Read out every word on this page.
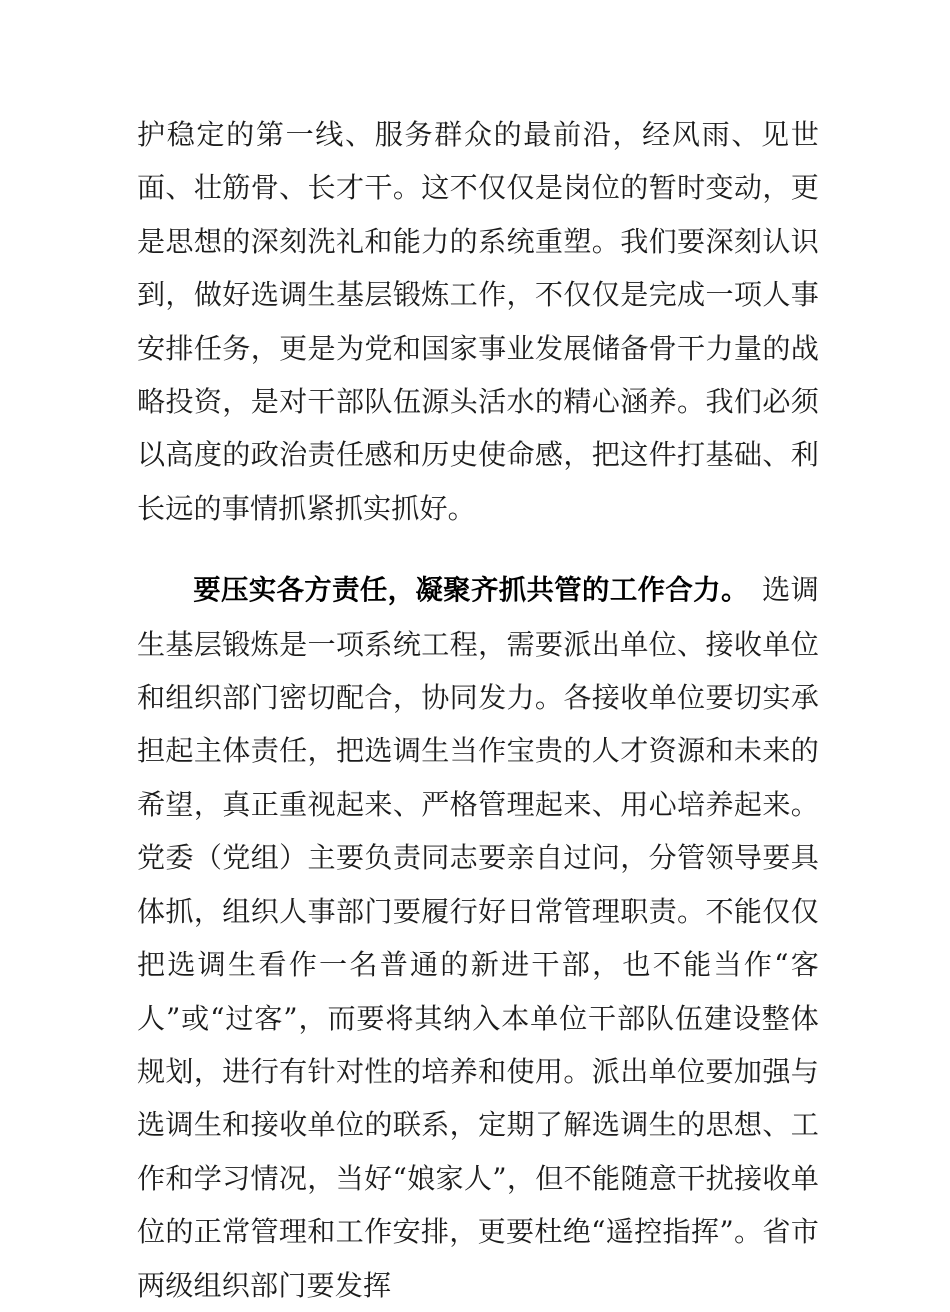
护稳定的第一线、服务群众的最前沿，经风雨、见世面、壮筋骨、长才干。这不仅仅是岗位的暂时变动，更是思想的深刻洗礼和能力的系统重塑。我们要深刻认识到，做好选调生基层锻炼工作，不仅仅是完成一项人事安排任务，更是为党和国家事业发展储备骨干力量的战略投资，是对干部队伍源头活水的精心涵养。我们必须以高度的政治责任感和历史使命感，把这件打基础、利长远的事情抓紧抓实抓好。

要压实各方责任，凝聚齐抓共管的工作合力。 选调生基层锻炼是一项系统工程，需要派出单位、接收单位和组织部门密切配合，协同发力。各接收单位要切实承担起主体责任，把选调生当作宝贵的人才资源和未来的希望，真正重视起来、严格管理起来、用心培养起来。党委（党组）主要负责同志要亲自过问，分管领导要具体抓，组织人事部门要履行好日常管理职责。不能仅仅把选调生看作一名普通的新进干部，也不能当作“客人”或“过客”，而要将其纳入本单位干部队伍建设整体规划，进行有针对性的培养和使用。派出单位要加强与选调生和接收单位的联系，定期了解选调生的思想、工作和学习情况，当好“娘家人”，但不能随意干扰接收单位的正常管理和工作安排，更要杜绝“遥控指挥”。省市两级组织部门要发挥
